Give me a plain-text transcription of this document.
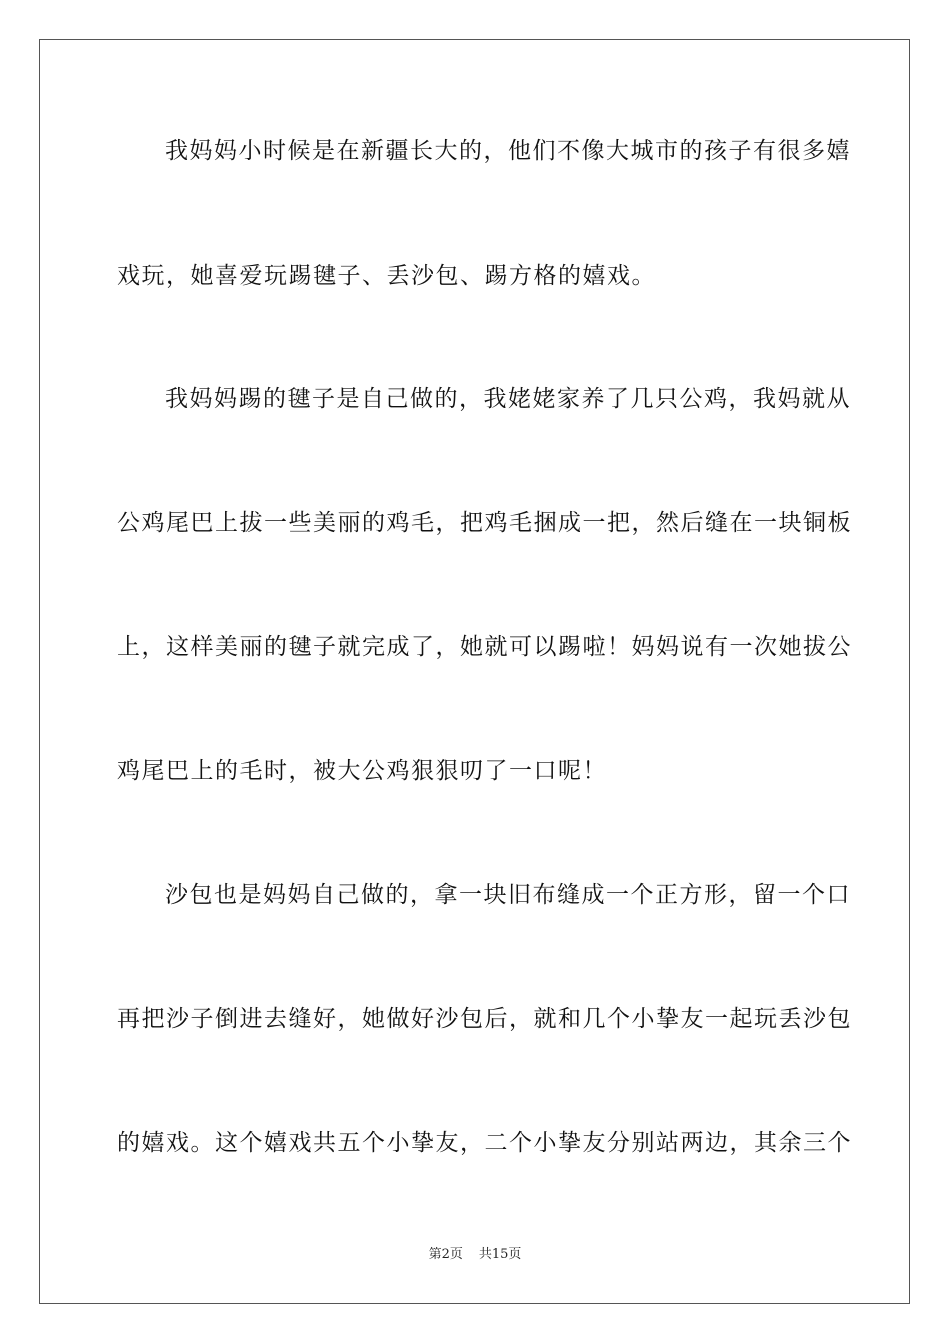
我妈妈小时候是在新疆长大的，他们不像大城市的孩子有很多嬉
戏玩，她喜爱玩踢毽子、丢沙包、踢方格的嬉戏。
我妈妈踢的毽子是自己做的，我姥姥家养了几只公鸡，我妈就从
公鸡尾巴上拔一些美丽的鸡毛，把鸡毛捆成一把，然后缝在一块铜板
上，这样美丽的毽子就完成了，她就可以踢啦！妈妈说有一次她拔公
鸡尾巴上的毛时，被大公鸡狠狠叨了一口呢！
沙包也是妈妈自己做的，拿一块旧布缝成一个正方形，留一个口
再把沙子倒进去缝好，她做好沙包后，就和几个小挚友一起玩丢沙包
的嬉戏。这个嬉戏共五个小挚友，二个小挚友分别站两边，其余三个
第2页 共15页
